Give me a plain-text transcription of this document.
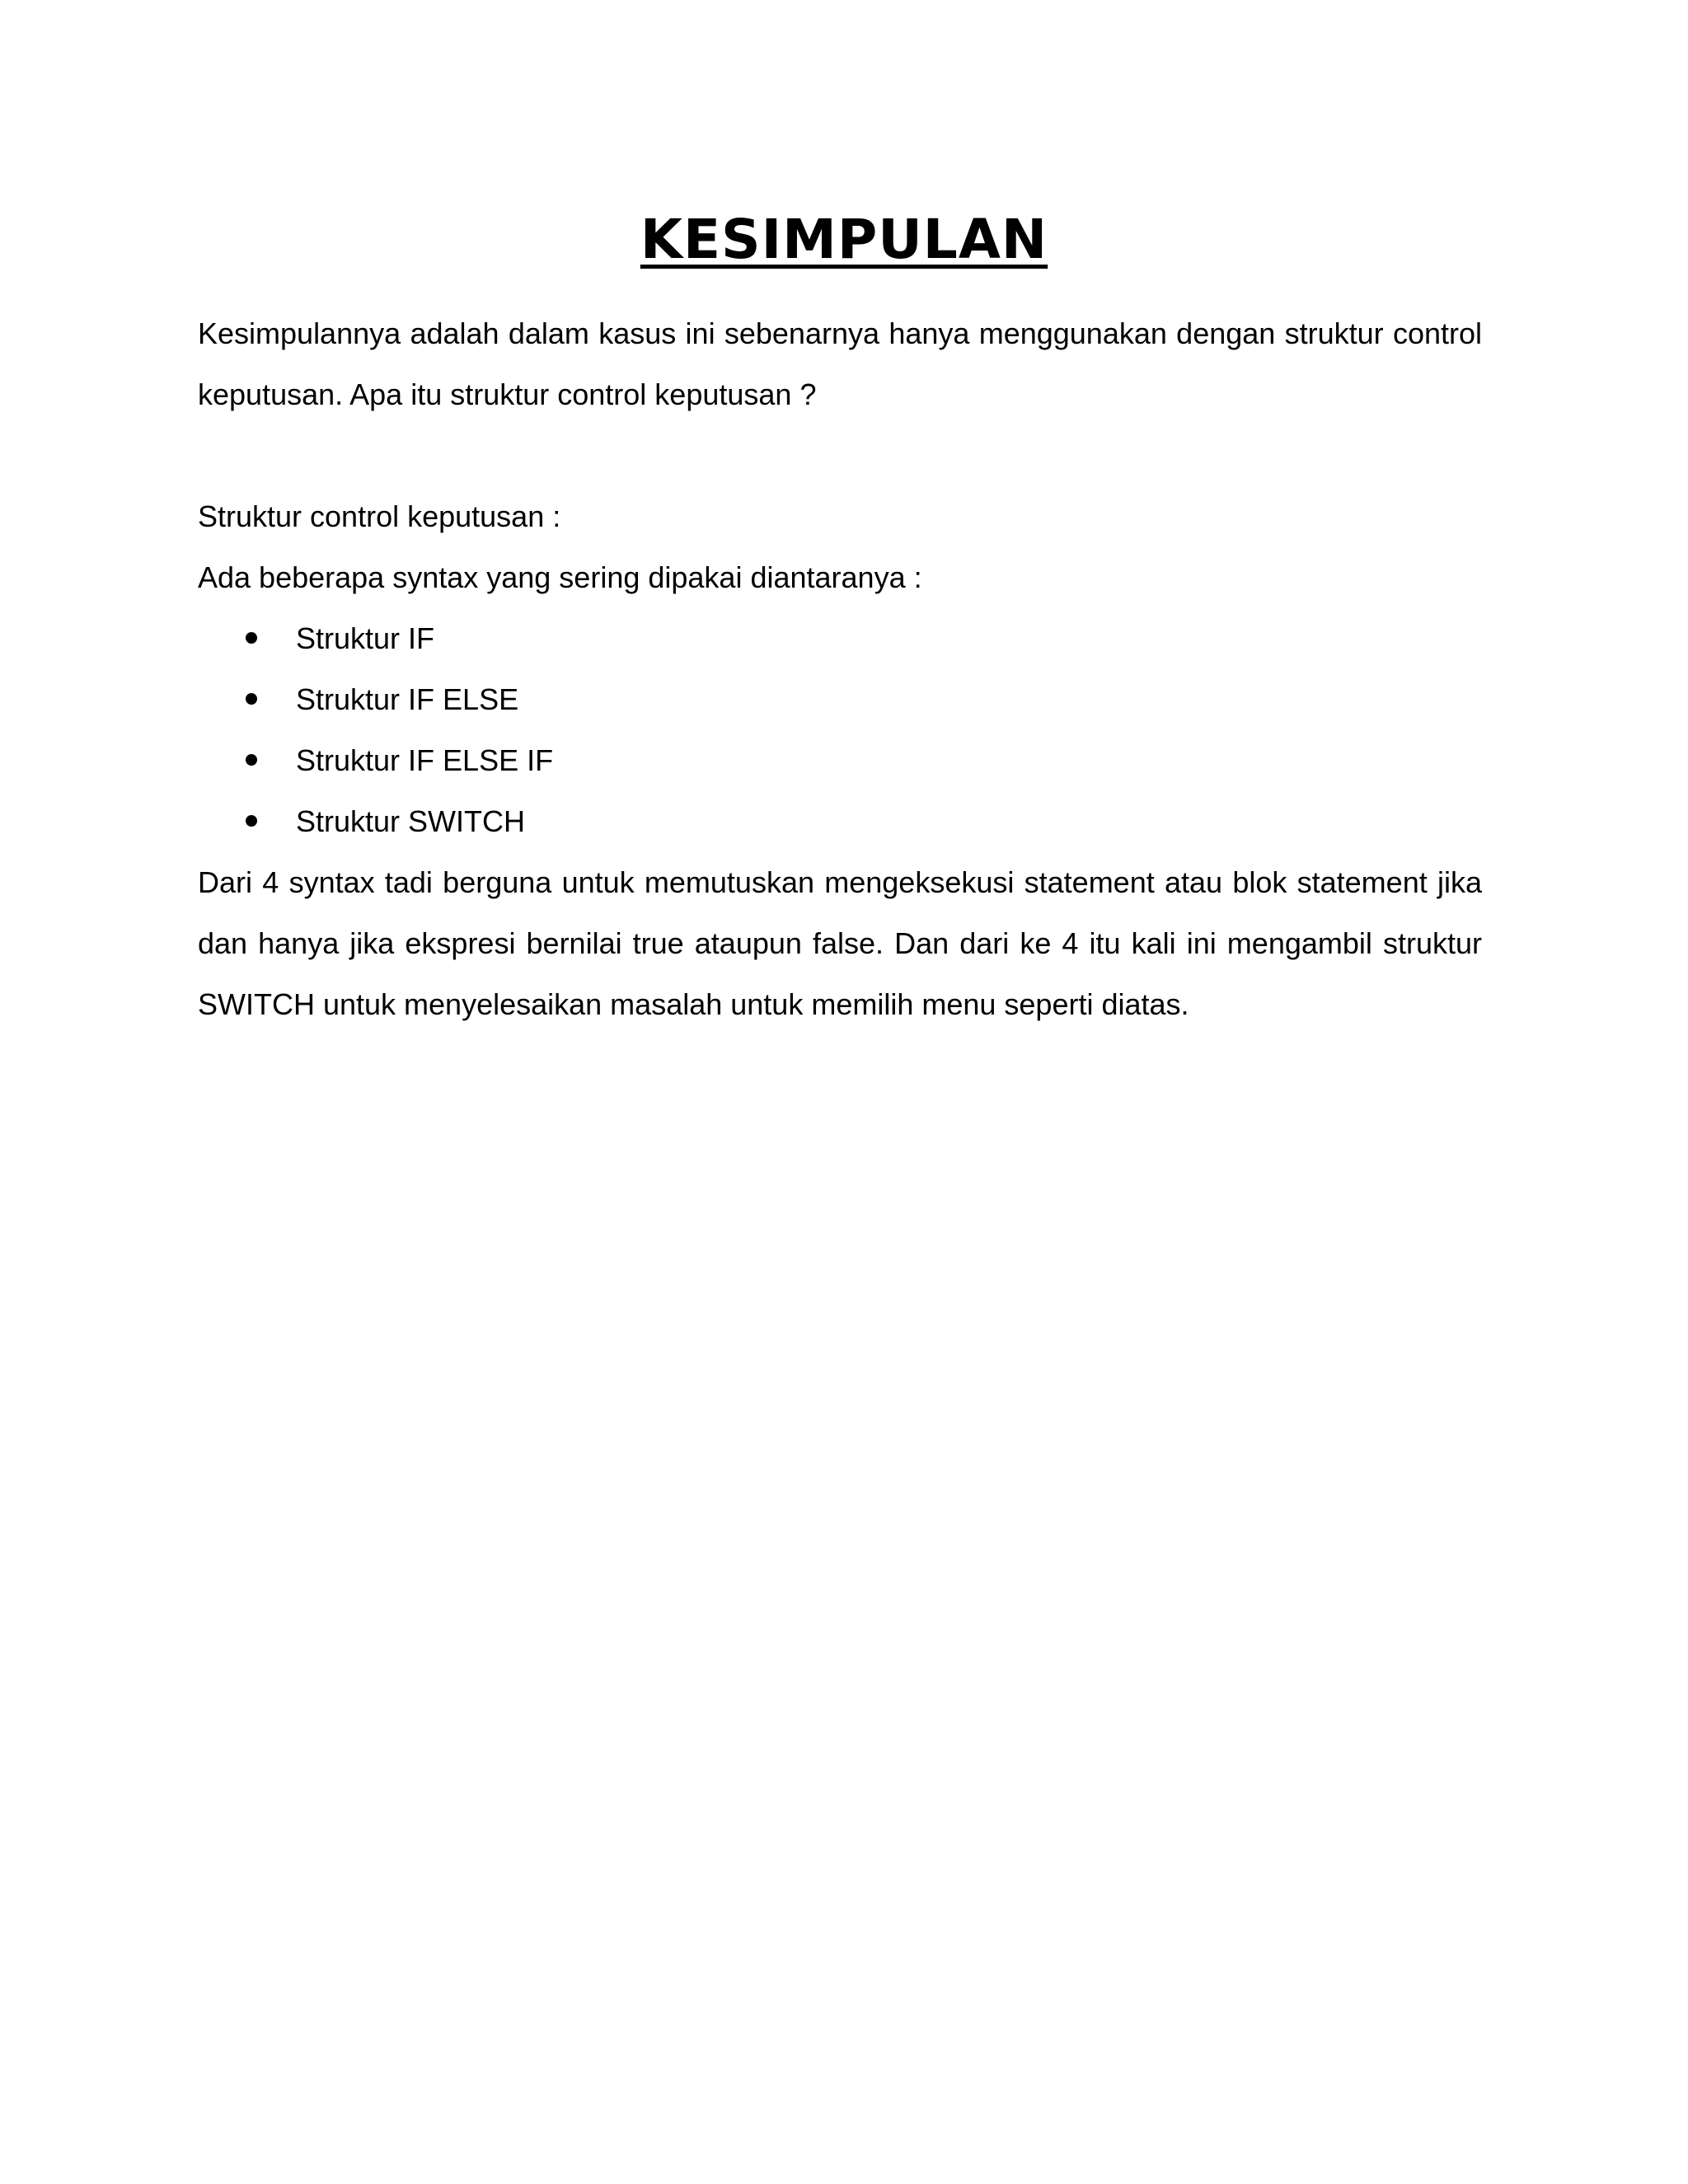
KESIMPULAN

Kesimpulannya adalah dalam kasus ini sebenarnya hanya menggunakan dengan struktur control keputusan. Apa itu struktur control keputusan ?

Struktur control keputusan :

Ada beberapa syntax yang sering dipakai diantaranya :

Struktur IF
Struktur IF ELSE
Struktur IF ELSE IF
Struktur SWITCH

Dari 4 syntax tadi berguna untuk memutuskan mengeksekusi statement atau blok statement jika dan hanya jika ekspresi bernilai true ataupun false. Dan dari ke 4 itu kali ini mengambil struktur SWITCH untuk menyelesaikan masalah untuk memilih menu seperti diatas.
